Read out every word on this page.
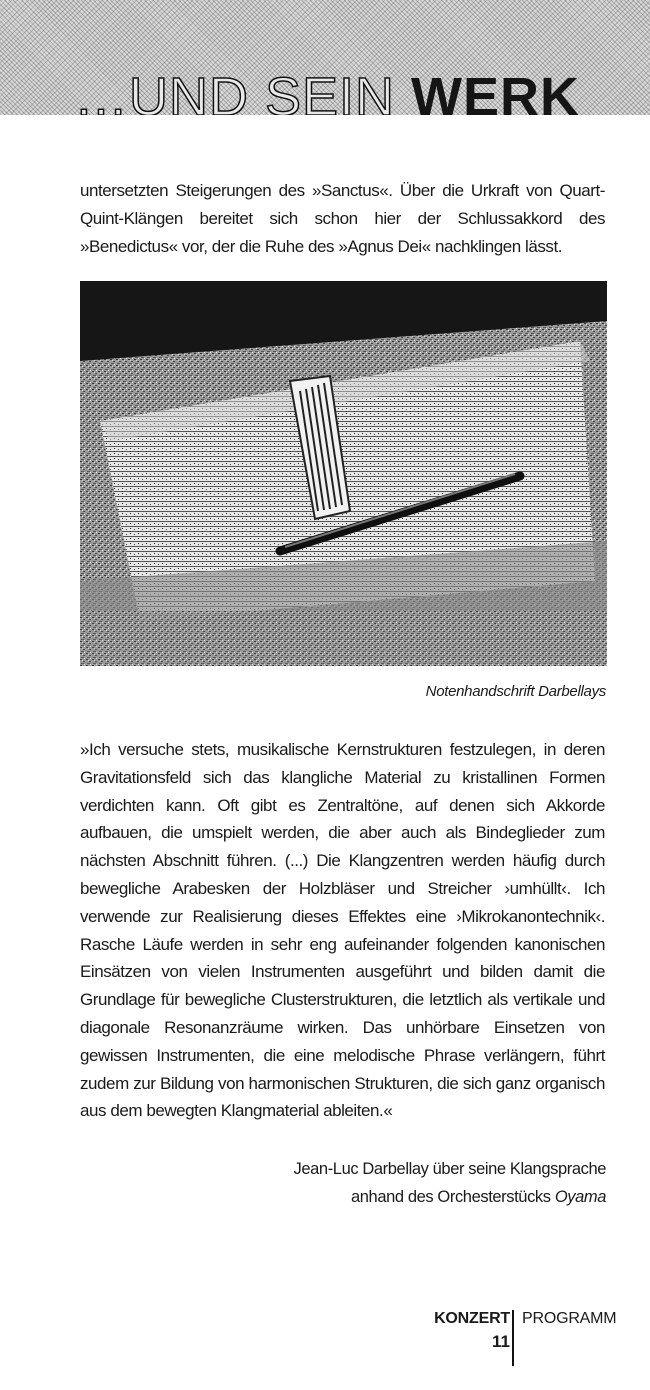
…UND SEIN WERK

untersetzten Steigerungen des »Sanctus«. Über die Urkraft von Quart-Quint-Klängen bereitet sich schon hier der Schlussakkord des »Benedictus« vor, der die Ruhe des »Agnus Dei« nachklingen lässt.

Notenhandschrift Darbellays

»Ich versuche stets, musikalische Kernstrukturen festzulegen, in deren Gravitationsfeld sich das klangliche Material zu kristallinen Formen verdichten kann. Oft gibt es Zentraltöne, auf denen sich Akkorde aufbauen, die umspielt werden, die aber auch als Bindeglieder zum nächsten Abschnitt führen. (...) Die Klangzentren werden häufig durch bewegliche Arabesken der Holzbläser und Streicher ›umhüllt‹. Ich verwende zur Realisierung dieses Effektes eine ›Mikrokanontechnik‹. Rasche Läufe werden in sehr eng aufeinander folgenden kanonischen Einsätzen von vielen Instrumenten ausgeführt und bilden damit die Grundlage für bewegliche Clusterstrukturen, die letztlich als vertikale und diagonale Resonanzräume wirken. Das unhörbare Einsetzen von gewissen Instrumenten, die eine melodische Phrase verlängern, führt zudem zur Bildung von harmonischen Strukturen, die sich ganz organisch aus dem bewegten Klangmaterial ableiten.«

Jean-Luc Darbellay über seine Klangsprache
anhand des Orchesterstücks Oyama
KONZERT
11
PROGRAMM
